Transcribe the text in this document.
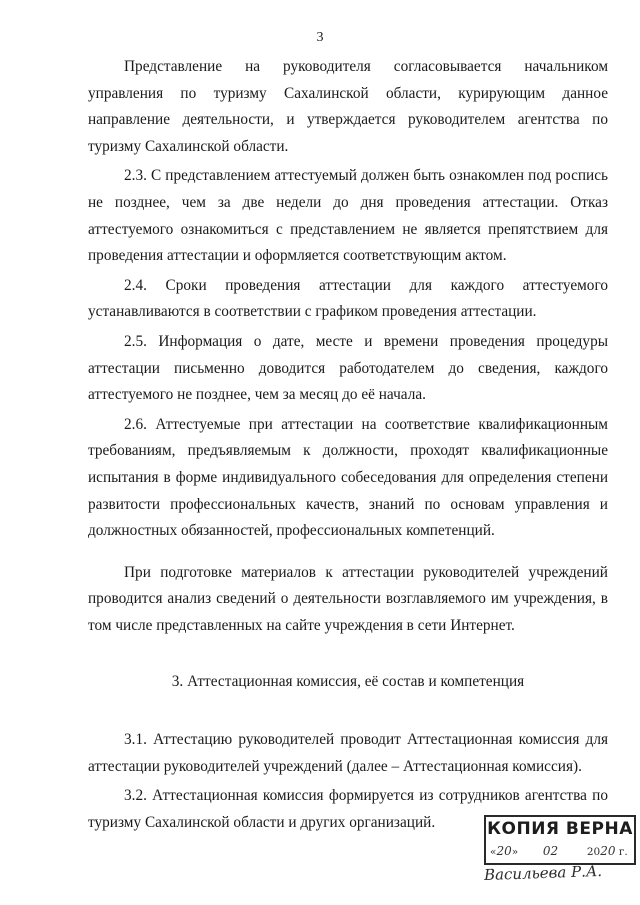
3

Представление на руководителя согласовывается начальником управления по туризму Сахалинской области, курирующим данное направление деятельности, и утверждается руководителем агентства по туризму Сахалинской области.

2.3. С представлением аттестуемый должен быть ознакомлен под роспись не позднее, чем за две недели до дня проведения аттестации. Отказ аттестуемого ознакомиться с представлением не является препятствием для проведения аттестации и оформляется соответствующим актом.

2.4. Сроки проведения аттестации для каждого аттестуемого устанавливаются в соответствии с графиком проведения аттестации.

2.5. Информация о дате, месте и времени проведения процедуры аттестации письменно доводится работодателем до сведения, каждого аттестуемого не позднее, чем за месяц до её начала.

2.6. Аттестуемые при аттестации на соответствие квалификационным требованиям, предъявляемым к должности, проходят квалификационные испытания в форме индивидуального собеседования для определения степени развитости профессиональных качеств, знаний по основам управления и должностных обязанностей, профессиональных компетенций.

При подготовке материалов к аттестации руководителей учреждений проводится анализ сведений о деятельности возглавляемого им учреждения, в том числе представленных на сайте учреждения в сети Интернет.

3. Аттестационная комиссия, её состав и компетенция

3.1. Аттестацию руководителей проводит Аттестационная комиссия для аттестации руководителей учреждений (далее – Аттестационная комиссия).

3.2. Аттестационная комиссия формируется из сотрудников агентства по туризму Сахалинской области и других организаций.	КОПИЯ ВЕРНА
«20» 02	2020 г.
Васильева Р.А.
